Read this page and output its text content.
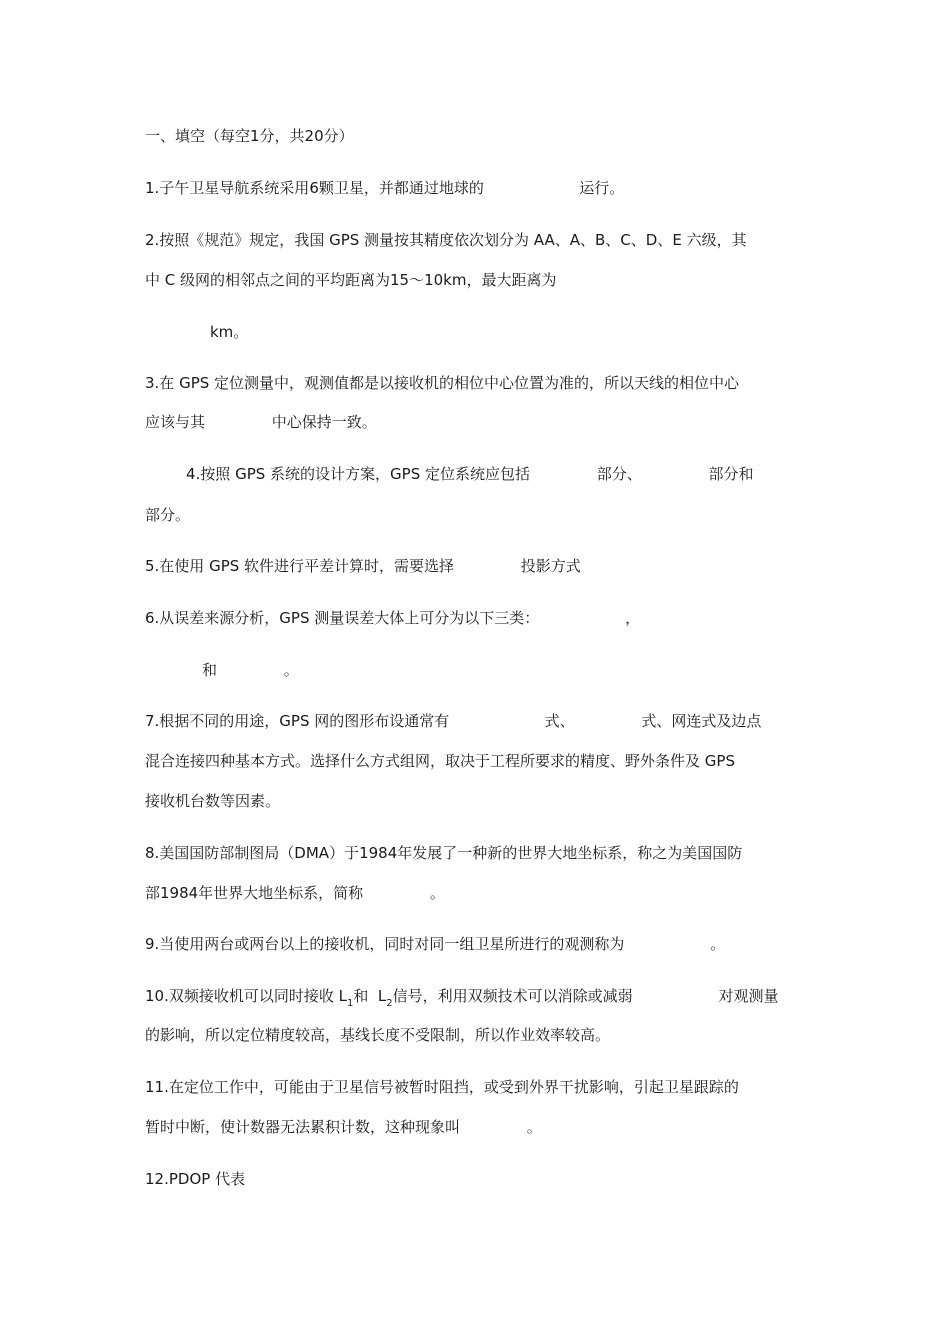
一、填空（每空1分，共20分）
1.子午卫星导航系统采用6颗卫星，并都通过地球的                    运行。
2.按照《规范》规定，我国 GPS 测量按其精度依次划分为 AA、A、B、C、D、E 六级，其
中 C 级网的相邻点之间的平均距离为15～10km，最大距离为
km。
3.在 GPS 定位测量中，观测值都是以接收机的相位中心位置为准的，所以天线的相位中心
应该与其              中心保持一致。
4.按照 GPS 系统的设计方案，GPS 定位系统应包括              部分、              部分和
部分。
5.在使用 GPS 软件进行平差计算时，需要选择              投影方式
6.从误差来源分析，GPS 测量误差大体上可分为以下三类：                  ，
和              。
7.根据不同的用途，GPS 网的图形布设通常有                    式、              式、网连式及边点
混合连接四种基本方式。选择什么方式组网，取决于工程所要求的精度、野外条件及 GPS
接收机台数等因素。
8.美国国防部制图局（DMA）于1984年发展了一种新的世界大地坐标系，称之为美国国防
部1984年世界大地坐标系，简称              。
9.当使用两台或两台以上的接收机，同时对同一组卫星所进行的观测称为                  。
10.双频接收机可以同时接收 $L_1$和  $L_2$信号，利用双频技术可以消除或减弱                  对观测量
的影响，所以定位精度较高，基线长度不受限制，所以作业效率较高。
11.在定位工作中，可能由于卫星信号被暂时阻挡，或受到外界干扰影响，引起卫星跟踪的
暂时中断，使计数器无法累积计数，这种现象叫              。
12.PDOP 代表
